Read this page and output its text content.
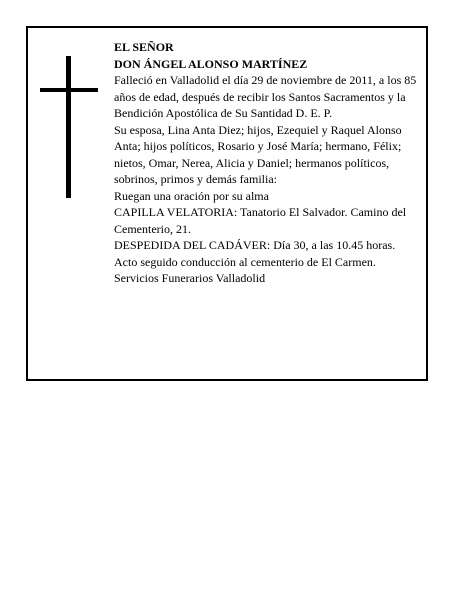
EL SEÑOR

DON ÁNGEL ALONSO MARTÍNEZ

Falleció en Valladolid el día 29 de noviembre de 2011, a los 85 años de edad, después de recibir los Santos Sacramentos y la Bendición Apostólica de Su Santidad D. E. P.

Su esposa, Lina Anta Diez; hijos, Ezequiel y Raquel Alonso Anta; hijos políticos, Rosario y José María; hermano, Félix; nietos, Omar, Nerea, Alicia y Daniel; hermanos políticos, sobrinos, primos y demás familia:

Ruegan una oración por su alma

CAPILLA VELATORIA: Tanatorio El Salvador. Camino del Cementerio, 21.

DESPEDIDA DEL CADÁVER: Día 30, a las 10.45 horas. Acto seguido conducción al cementerio de El Carmen.

Servicios Funerarios Valladolid
